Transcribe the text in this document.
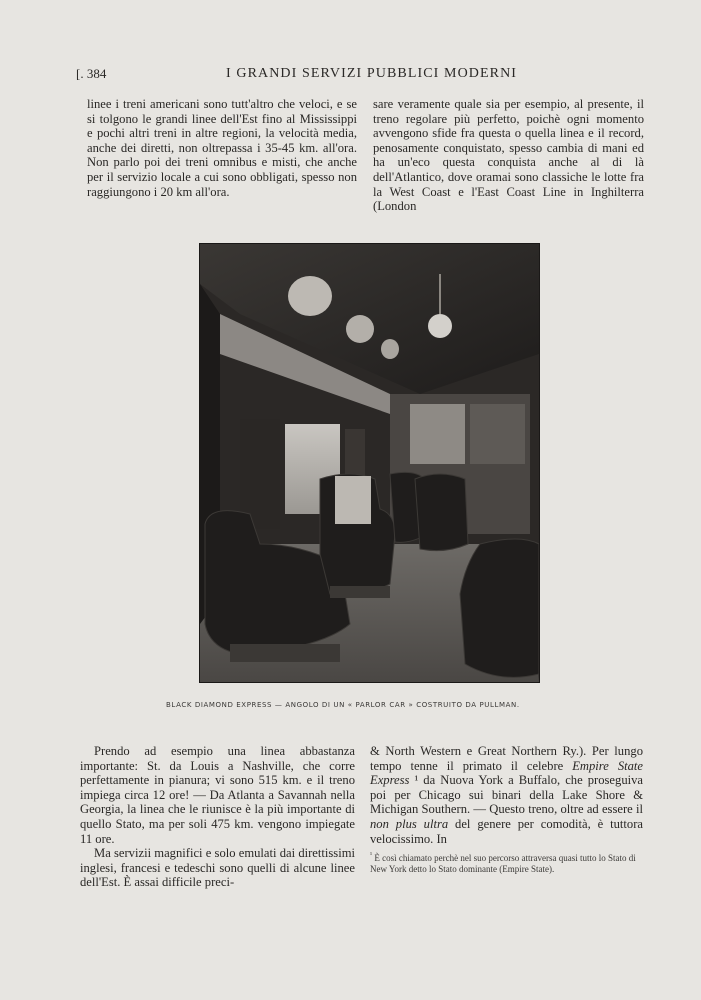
[. 384	I GRANDI SERVIZI PUBBLICI MODERNI

linee i treni americani sono tutt'altro che veloci, e se si tolgono le grandi linee dell'Est fino al Mississippi e pochi altri treni in altre regioni, la velocità media, anche dei diretti, non oltrepassa i 35-45 km. all'ora. Non parlo poi dei treni omnibus e misti, che anche per il servizio locale a cui sono obbligati, spesso non raggiungono i 20 km all'ora.

sare veramente quale sia per esempio, al presente, il treno regolare più perfetto, poichè ogni momento avvengono sfide fra questa o quella linea e il record, penosamente conquistato, spesso cambia di mani ed ha un'eco questa conquista anche al di là dell'Atlantico, dove oramai sono classiche le lotte fra la West Coast e l'East Coast Line in Inghilterra (London

BLACK DIAMOND EXPRESS — ANGOLO DI UN « PARLOR CAR » COSTRUITO DA PULLMAN.

Prendo ad esempio una linea abbastanza importante: St. da Louis a Nashville, che corre perfettamente in pianura; vi sono 515 km. e il treno impiega circa 12 ore! — Da Atlanta a Savannah nella Georgia, la linea che le riunisce è la più importante di quello Stato, ma per soli 475 km. vengono impiegate 11 ore.

Ma servizii magnifici e solo emulati dai direttissimi inglesi, francesi e tedeschi sono quelli di alcune linee dell'Est. È assai difficile preci-

& North Western e Great Northern Ry.). Per lungo tempo tenne il primato il celebre Empire State Express ¹ da Nuova York a Buffalo, che proseguiva poi per Chicago sui binari della Lake Shore & Michigan Southern. — Questo treno, oltre ad essere il non plus ultra del genere per comodità, è tuttora velocissimo. In

$^{^1}$ È così chiamato perchè nel suo percorso attraversa quasi tutto lo Stato di New York detto lo Stato dominante (Empire State).
